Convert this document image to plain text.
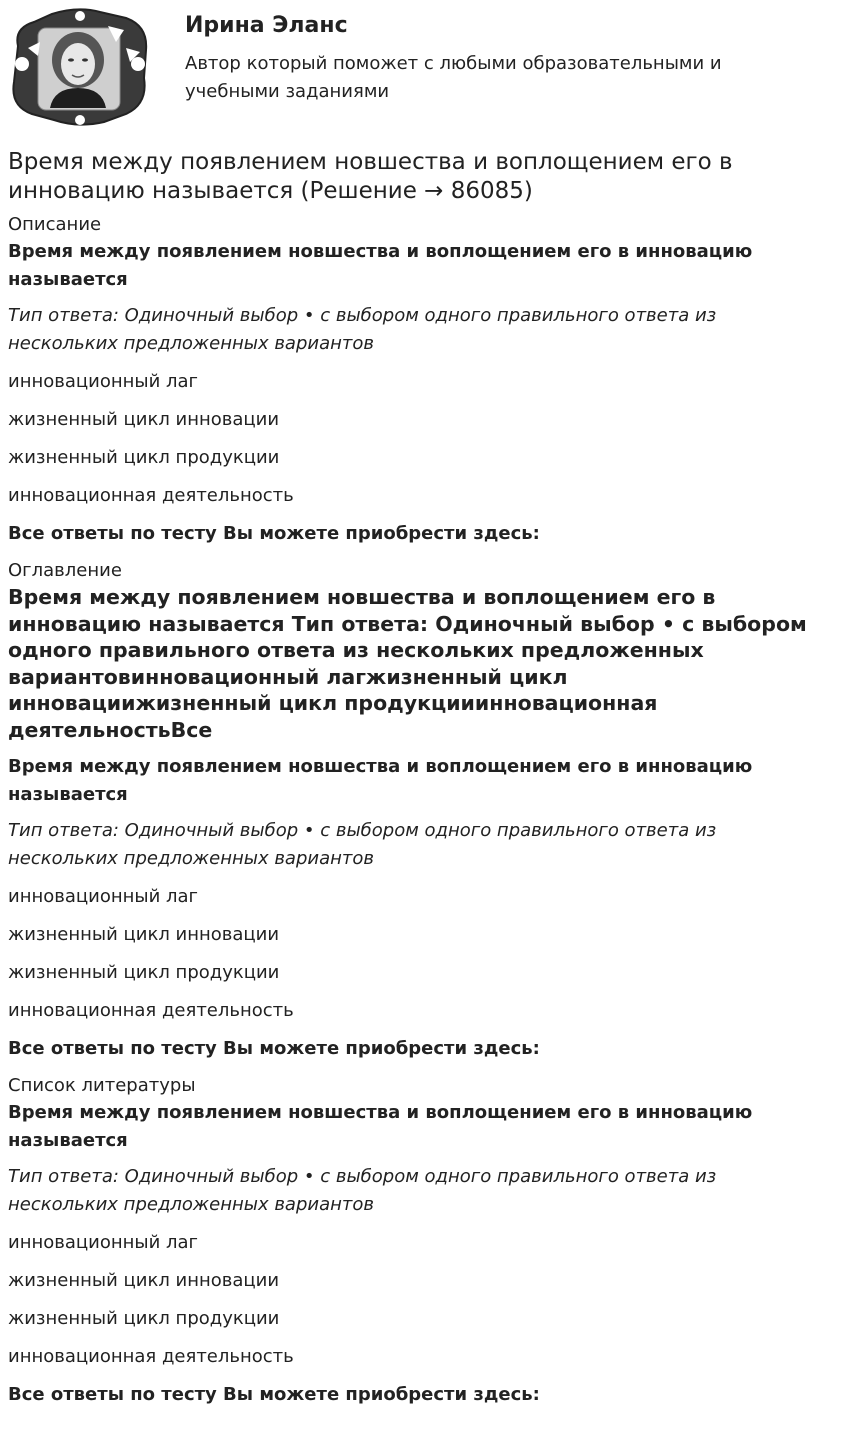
Ирина Эланс
Автор который поможет с любыми образовательными и учебными заданиями
Время между появлением новшества и воплощением его в инновацию называется (Решение → 86085)

Описание

Время между появлением новшества и воплощением его в инновацию называется

Тип ответа: Одиночный выбор • с выбором одного правильного ответа из нескольких предложенных вариантов

инновационный лаг

жизненный цикл инновации

жизненный цикл продукции

инновационная деятельность

Все ответы по тесту Вы можете приобрести здесь:

Оглавление

Время между появлением новшества и воплощением его в инновацию называется Тип ответа: Одиночный выбор • с выбором одного правильного ответа из нескольких предложенных вариантовинновационный лагжизненный цикл инновациижизненный цикл продукцииинновационная деятельностьВсе

Время между появлением новшества и воплощением его в инновацию называется

Тип ответа: Одиночный выбор • с выбором одного правильного ответа из нескольких предложенных вариантов

инновационный лаг

жизненный цикл инновации

жизненный цикл продукции

инновационная деятельность

Все ответы по тесту Вы можете приобрести здесь:

Список литературы

Время между появлением новшества и воплощением его в инновацию называется

Тип ответа: Одиночный выбор • с выбором одного правильного ответа из нескольких предложенных вариантов

инновационный лаг

жизненный цикл инновации

жизненный цикл продукции

инновационная деятельность

Все ответы по тесту Вы можете приобрести здесь:
